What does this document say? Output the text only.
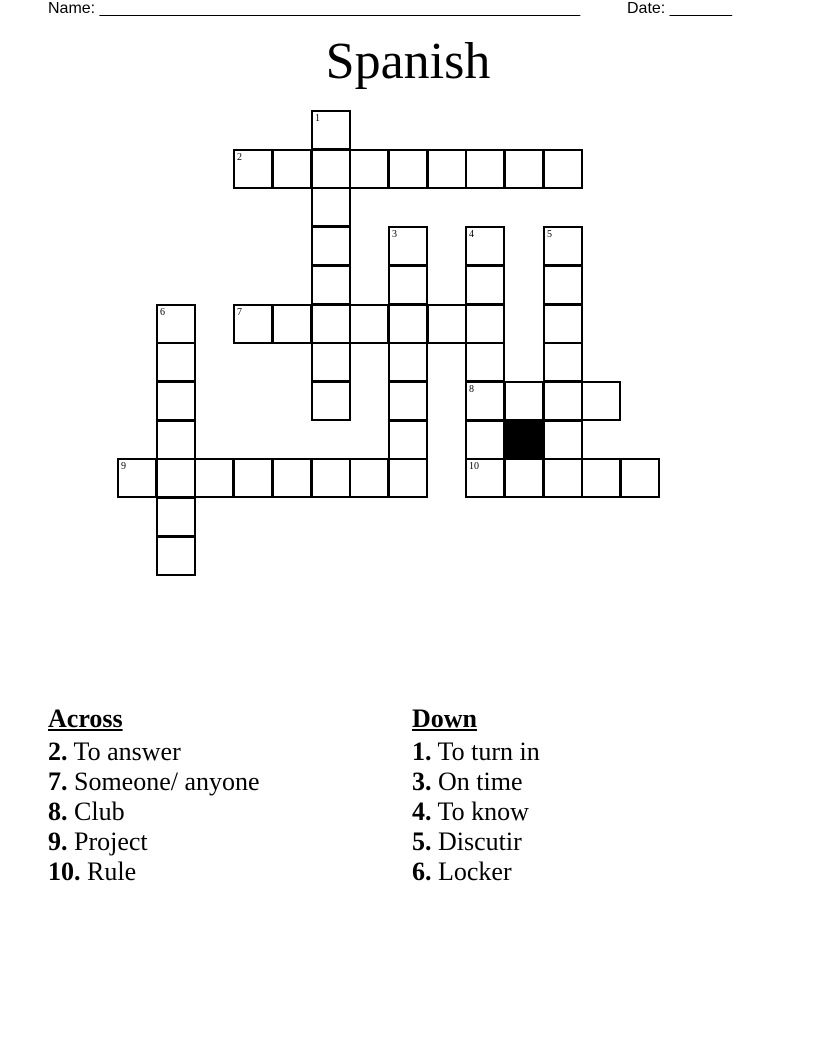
Name: ______________________________________________________	Date: _______
Spanish
1
2
3	4	5
6	7
8
9	10
Across
2. To answer
7. Someone/ anyone
8. Club
9. Project
10. Rule
Down
1. To turn in
3. On time
4. To know
5. Discutir
6. Locker
